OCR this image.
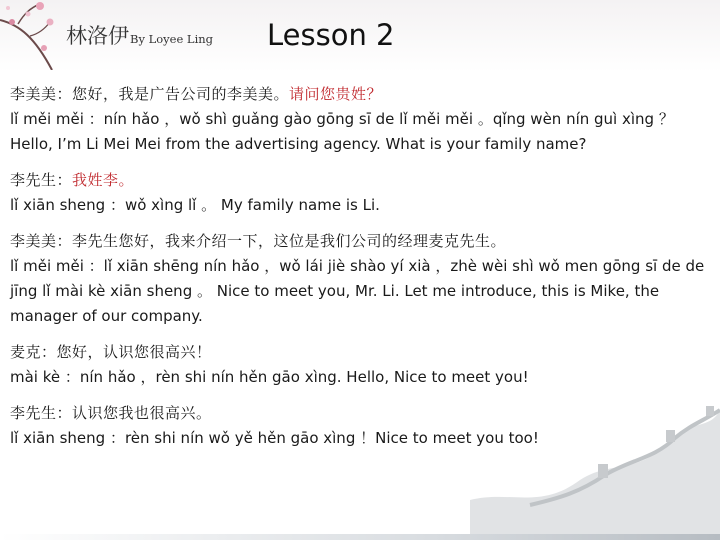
林洛伊By Loyee Ling Lesson 2
李美美：您好，我是广告公司的李美美。请问您贵姓？
lǐ měi měi ：nín hǎo ，wǒ shì guǎng gào gōng sī de lǐ měi měi 。qǐng wèn nín guì xìng ？ Hello, I’m Li Mei Mei from the advertising agency. What is your family name?
李先生：我姓李。
lǐ xiān sheng ：wǒ xìng lǐ 。 My family name is Li.
李美美：李先生您好，我来介绍一下，这位是我们公司的经理麦克先生。
lǐ měi měi ：lǐ xiān shēng nín hǎo ，wǒ lái jiè shào yí xià ，zhè wèi shì wǒ men gōng sī de de jīng lǐ mài kè xiān sheng 。 Nice to meet you, Mr. Li. Let me introduce, this is Mike, the manager of our company.
麦克：您好，认识您很高兴！
mài kè ：nín hǎo ，rèn shi nín hěn gāo xìng. Hello, Nice to meet you!
李先生：认识您我也很高兴。
lǐ xiān sheng ：rèn shi nín wǒ yě hěn gāo xìng ！Nice to meet you too!
